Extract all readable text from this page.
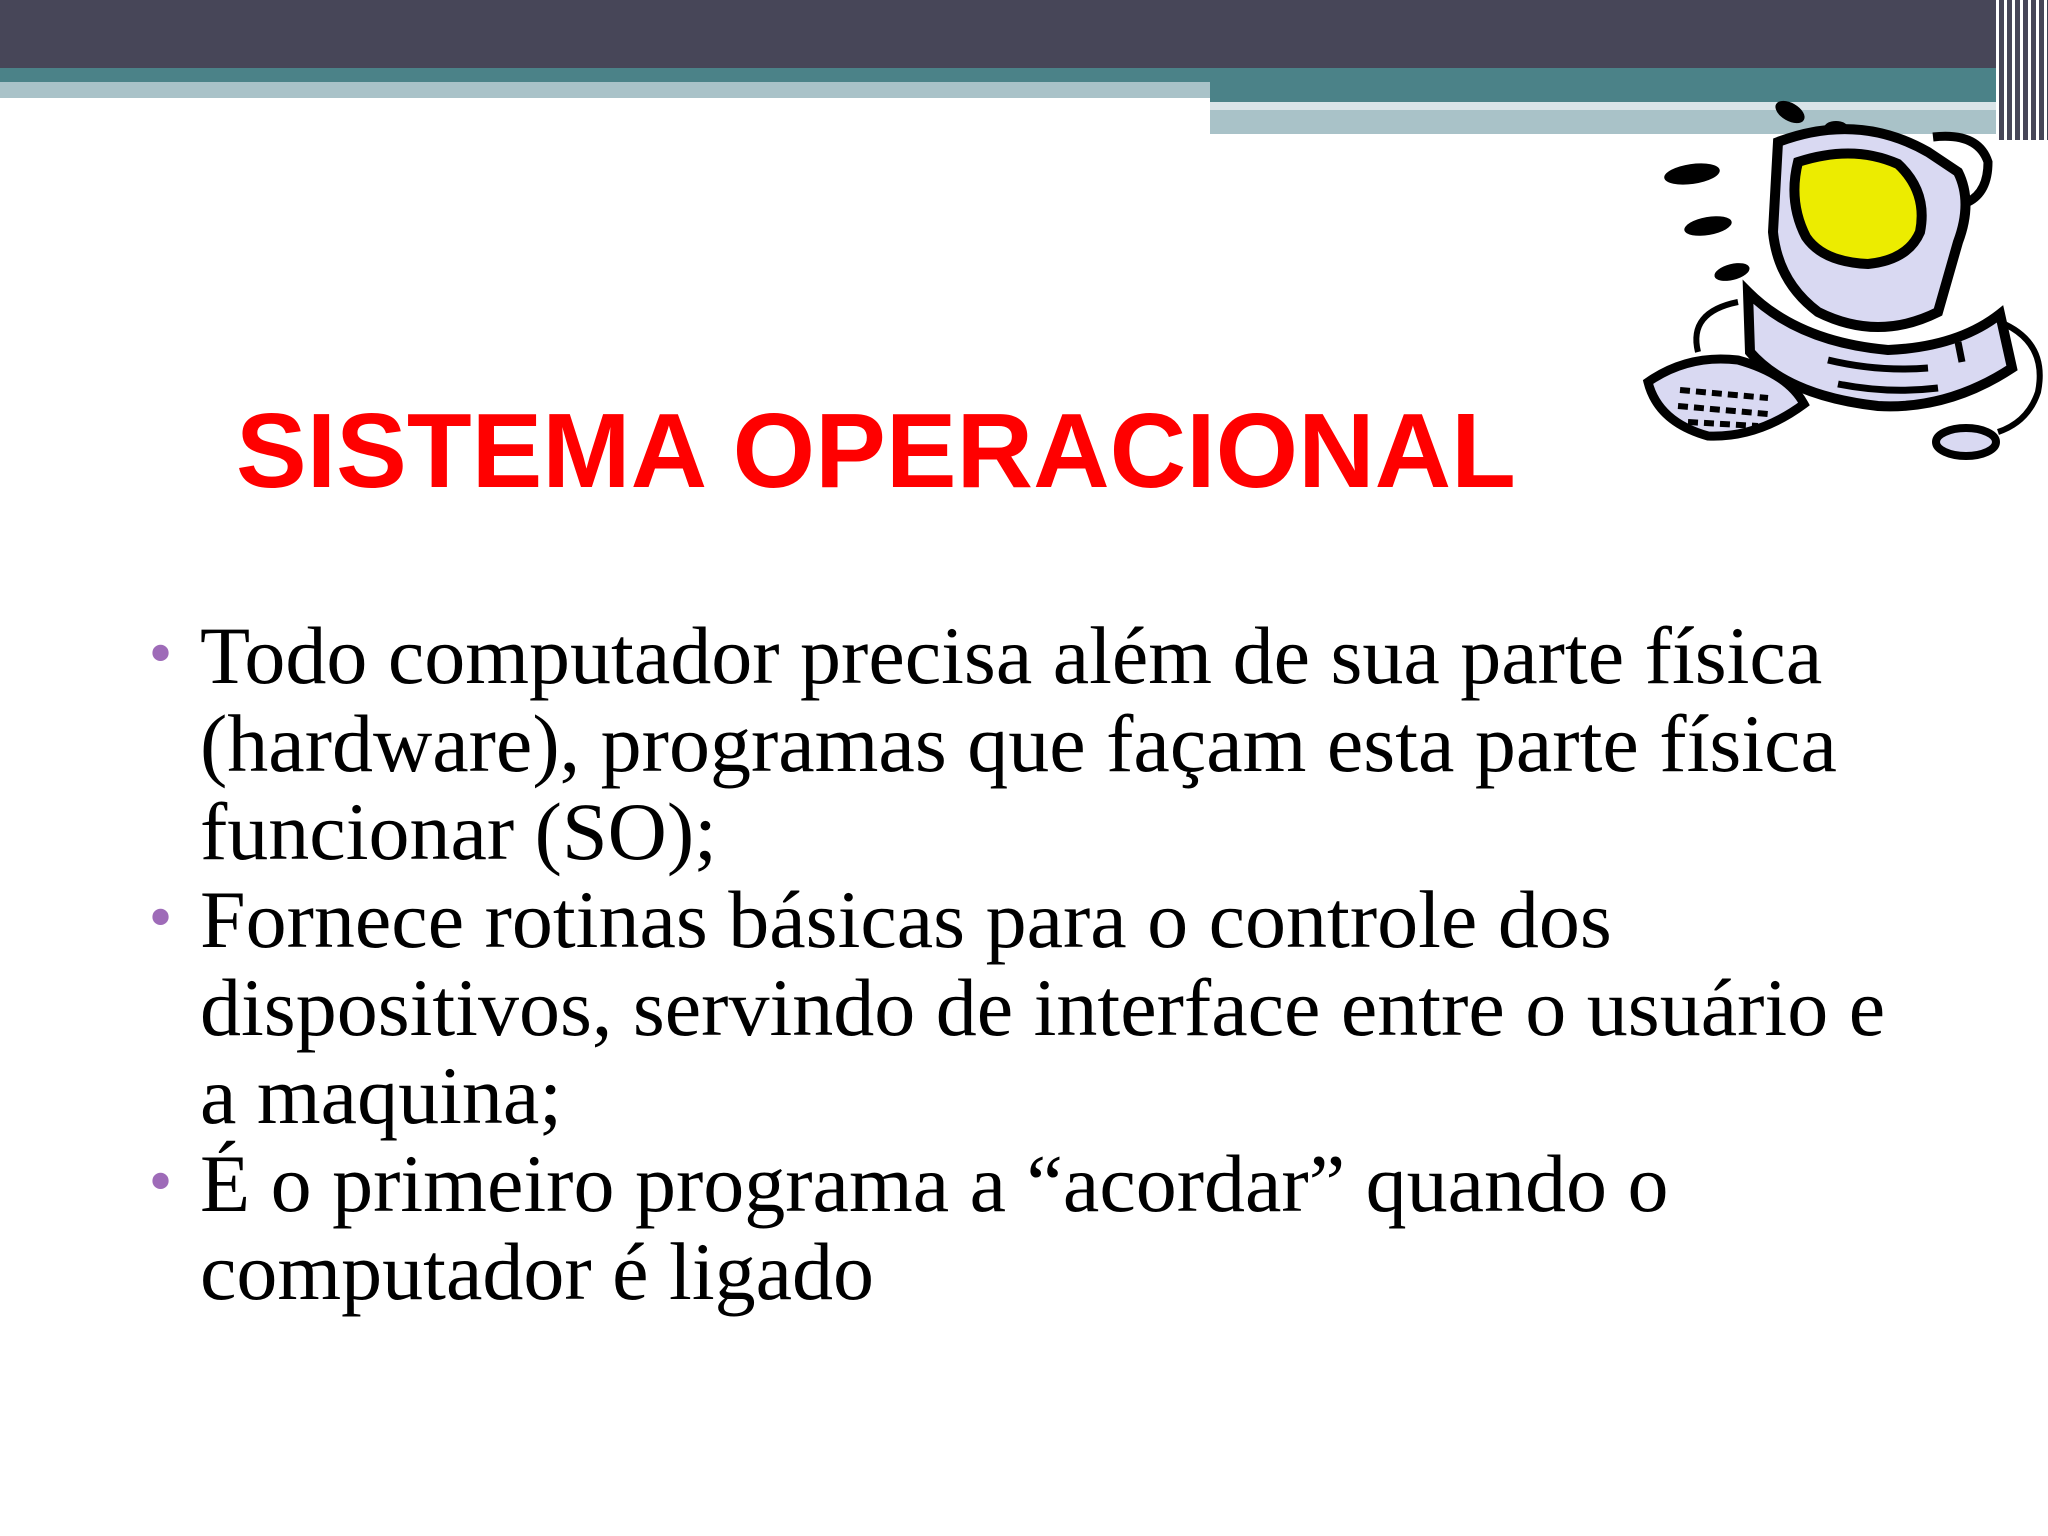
SISTEMA OPERACIONAL
• Todo computador precisa além de sua parte física (hardware), programas que façam esta parte física funcionar (SO);
• Fornece rotinas básicas para o controle dos dispositivos, servindo de interface entre o usuário e a maquina;
• É o primeiro programa a “acordar” quando o computador é ligado
